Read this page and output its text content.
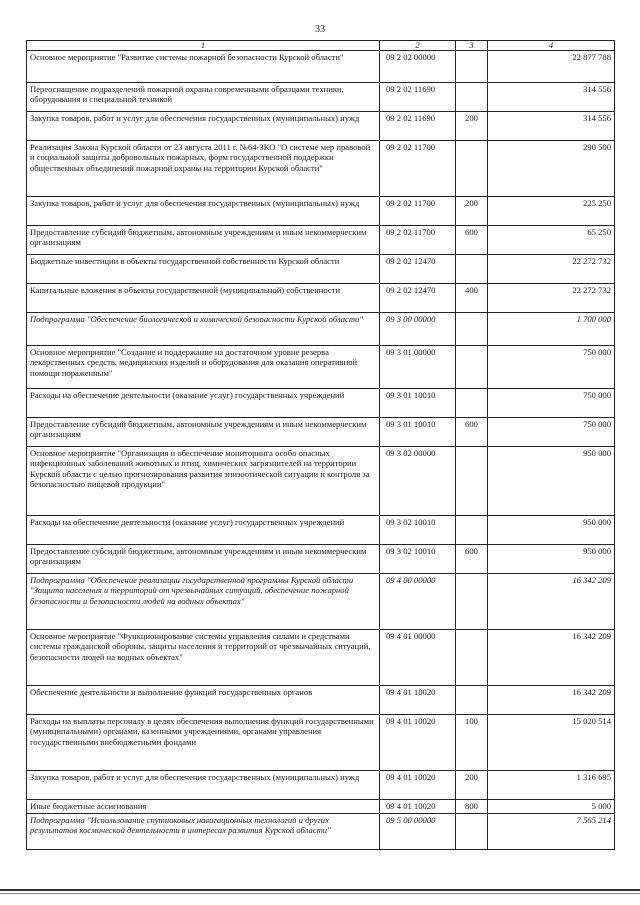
33
1	2	3	4
Основное мероприятие "Развитие системы пожарной безопасности Курской области"	09 2 02 00000		22 877 788
Переоснащение подразделений пожарной охраны современными образцами техники, оборудования и специальной техникой	09 2 02 11690		314 556
Закупка товаров, работ и услуг для обеспечения государственных (муниципальных) нужд	09 2 02 11690	200	314 556
Реализация Закона Курской области от 23 августа 2011 г. №64-ЗКО "О системе мер правовой и социальной защиты добровольных пожарных, форм государственной поддержки общественных объединений пожарной охраны на территории Курской области"	09 2 02 11700		290 500
Закупка товаров, работ и услуг для обеспечения государственных (муниципальных) нужд	09 2 02 11700	200	225 250
Предоставление субсидий бюджетным, автономным учреждениям и иным некоммерческим организациям	09 2 02 11700	600	65 250
Бюджетные инвестиции в объекты государственной собственности Курской области	09 2 02 12470		22 272 732
Капитальные вложения в объекты государственной (муниципальной) собственности	09 2 02 12470	400	22 272 732
Подпрограмма "Обеспечение биологической и химической безопасности Курской области"	09 3 00 00000		1 700 000
Основное мероприятие "Создание и поддержание на достаточном уровне резерва лекарственных средств, медицинских изделий и оборудования для оказания оперативной помощи пораженным"	09 3 01 00000		750 000
Расходы на обеспечение деятельности (оказание услуг) государственных учреждений	09 3 01 10010		750 000
Предоставление субсидий бюджетным, автономным учреждениям и иным некоммерческим организациям	09 3 01 10010	600	750 000
Основное мероприятие "Организация и обеспечение мониторинга особо опасных инфекционных заболеваний животных и птиц, химических загрязнителей на территории Курской области с целью прогнозирования развития эпизоотической ситуации и контроля за безопасностью пищевой продукции"	09 3 02 00000		950 000
Расходы на обеспечение деятельности (оказание услуг) государственных учреждений	09 3 02 10010		950 000
Предоставление субсидий бюджетным, автономным учреждениям и иным некоммерческим организациям	09 3 02 10010	600	950 000
Подпрограмма "Обеспечение реализации государственной программы Курской области "Защита населения и территорий от чрезвычайных ситуаций, обеспечение пожарной безопасности и безопасности людей на водных объектах"	09 4 00 00000		16 342 209
Основное мероприятие "Функционирование системы управления силами и средствами системы гражданской обороны, защиты населения и территорий от чрезвычайных ситуаций, безопасности людей на водных объектах"	09 4 01 00000		16 342 209
Обеспечение деятельности и выполнение функций государственных органов	09 4 01 10020		16 342 209
Расходы на выплаты персоналу в целях обеспечения выполнения функций государственными (муниципальными) органами, казенными учреждениями, органами управления государственными внебюджетными фондами	09 4 01 10020	100	15 020 514
Закупка товаров, работ и услуг для обеспечения государственных (муниципальных) нужд	09 4 01 10020	200	1 316 695
Иные бюджетные ассигнования	09 4 01 10020	800	5 000
Подпрограмма "Использование спутниковых навигационных технологий и других результатов космической деятельности в интересах развития Курской области"	09 5 00 00000		7 565 214
